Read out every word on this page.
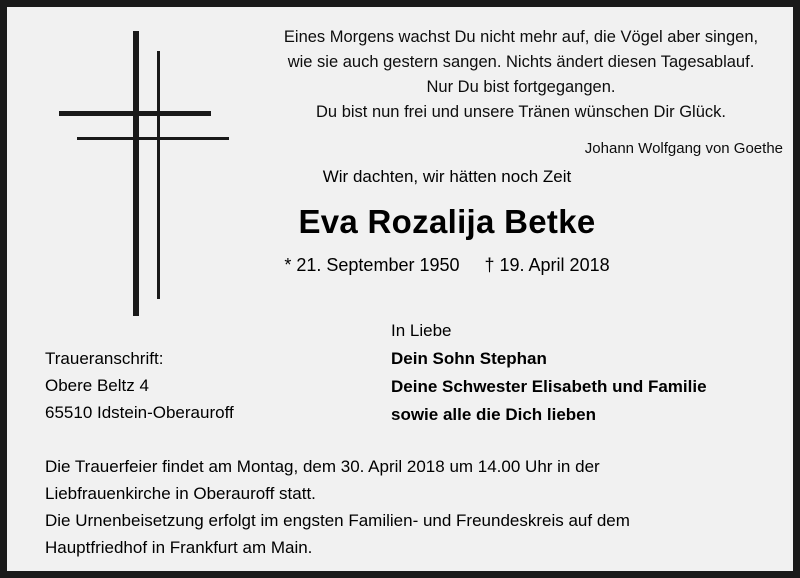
Eines Morgens wachst Du nicht mehr auf, die Vögel aber singen,
wie sie auch gestern sangen. Nichts ändert diesen Tagesablauf.
Nur Du bist fortgegangen.
Du bist nun frei und unsere Tränen wünschen Dir Glück.
Johann Wolfgang von Goethe
Wir dachten, wir hätten noch Zeit
Eva Rozalija Betke
* 21. September 1950     † 19. April 2018
Traueranschrift:
Obere Beltz 4
65510 Idstein-Oberauroff
In Liebe
Dein Sohn Stephan
Deine Schwester Elisabeth und Familie
sowie alle die Dich lieben
Die Trauerfeier findet am Montag, dem 30. April 2018 um 14.00 Uhr in der
Liebfrauenkirche in Oberauroff statt.
Die Urnenbeisetzung erfolgt im engsten Familien- und Freundeskreis auf dem
Hauptfriedhof in Frankfurt am Main.
